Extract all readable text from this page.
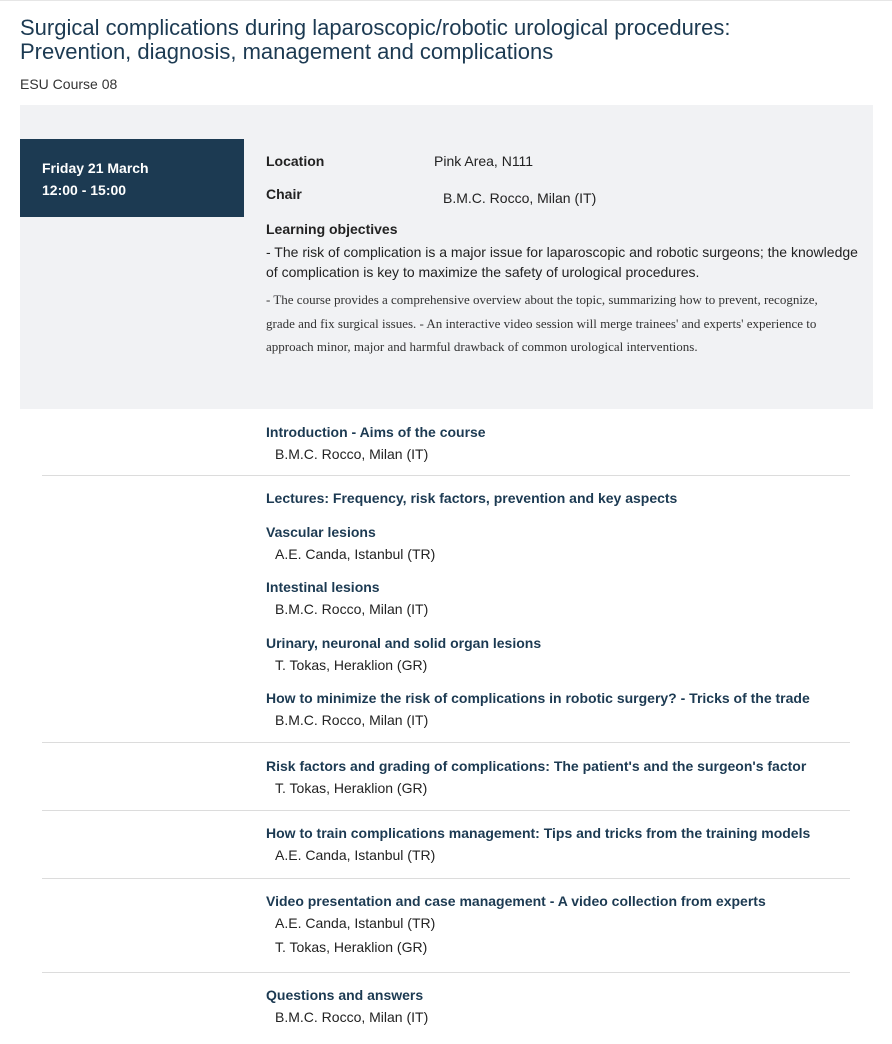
Surgical complications during laparoscopic/robotic urological procedures:
Prevention, diagnosis, management and complications
ESU Course 08
Friday 21 March
12:00 - 15:00
Location	Pink Area, N111
Chair	B.M.C. Rocco, Milan (IT)
Learning objectives
- The risk of complication is a major issue for laparoscopic and robotic surgeons; the knowledge of complication is key to maximize the safety of urological procedures.
- The course provides a comprehensive overview about the topic, summarizing how to prevent, recognize, grade and fix surgical issues. - An interactive video session will merge trainees' and experts' experience to approach minor, major and harmful drawback of common urological interventions.
Introduction - Aims of the course
B.M.C. Rocco, Milan (IT)
Lectures: Frequency, risk factors, prevention and key aspects
Vascular lesions
A.E. Canda, Istanbul (TR)
Intestinal lesions
B.M.C. Rocco, Milan (IT)
Urinary, neuronal and solid organ lesions
T. Tokas, Heraklion (GR)
How to minimize the risk of complications in robotic surgery? - Tricks of the trade
B.M.C. Rocco, Milan (IT)
Risk factors and grading of complications: The patient's and the surgeon's factor
T. Tokas, Heraklion (GR)
How to train complications management: Tips and tricks from the training models
A.E. Canda, Istanbul (TR)
Video presentation and case management - A video collection from experts
A.E. Canda, Istanbul (TR)
T. Tokas, Heraklion (GR)
Questions and answers
B.M.C. Rocco, Milan (IT)
